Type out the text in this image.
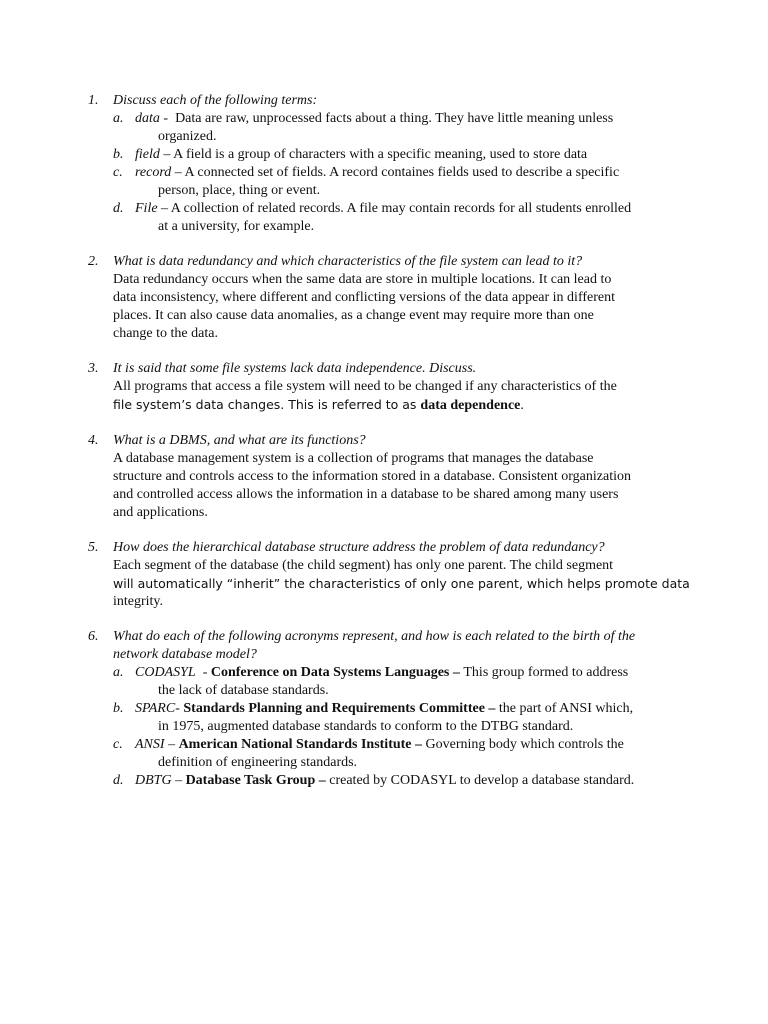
1. Discuss each of the following terms:
a. data -  Data are raw, unprocessed facts about a thing. They have little meaning unless
organized.
b. field – A field is a group of characters with a specific meaning, used to store data
c. record – A connected set of fields. A record containes fields used to describe a specific
person, place, thing or event.
d. File – A collection of related records. A file may contain records for all students enrolled
at a university, for example.
2. What is data redundancy and which characteristics of the file system can lead to it?
Data redundancy occurs when the same data are store in multiple locations. It can lead to
data inconsistency, where different and conflicting versions of the data appear in different
places. It can also cause data anomalies, as a change event may require more than one
change to the data.
3. It is said that some file systems lack data independence. Discuss.
All programs that access a file system will need to be changed if any characteristics of the
file system’s data changes. This is referred to as data dependence.
4. What is a DBMS, and what are its functions?
A database management system is a collection of programs that manages the database
structure and controls access to the information stored in a database. Consistent organization
and controlled access allows the information in a database to be shared among many users
and applications.
5. How does the hierarchical database structure address the problem of data redundancy?
Each segment of the database (the child segment) has only one parent. The child segment
will automatically “inherit” the characteristics of only one parent, which helps promote data
integrity.
6. What do each of the following acronyms represent, and how is each related to the birth of the
network database model?
a. CODASYL  - Conference on Data Systems Languages – This group formed to address
the lack of database standards.
b. SPARC- Standards Planning and Requirements Committee – the part of ANSI which,
in 1975, augmented database standards to conform to the DTBG standard.
c. ANSI – American National Standards Institute – Governing body which controls the
definition of engineering standards.
d. DBTG – Database Task Group – created by CODASYL to develop a database standard.
